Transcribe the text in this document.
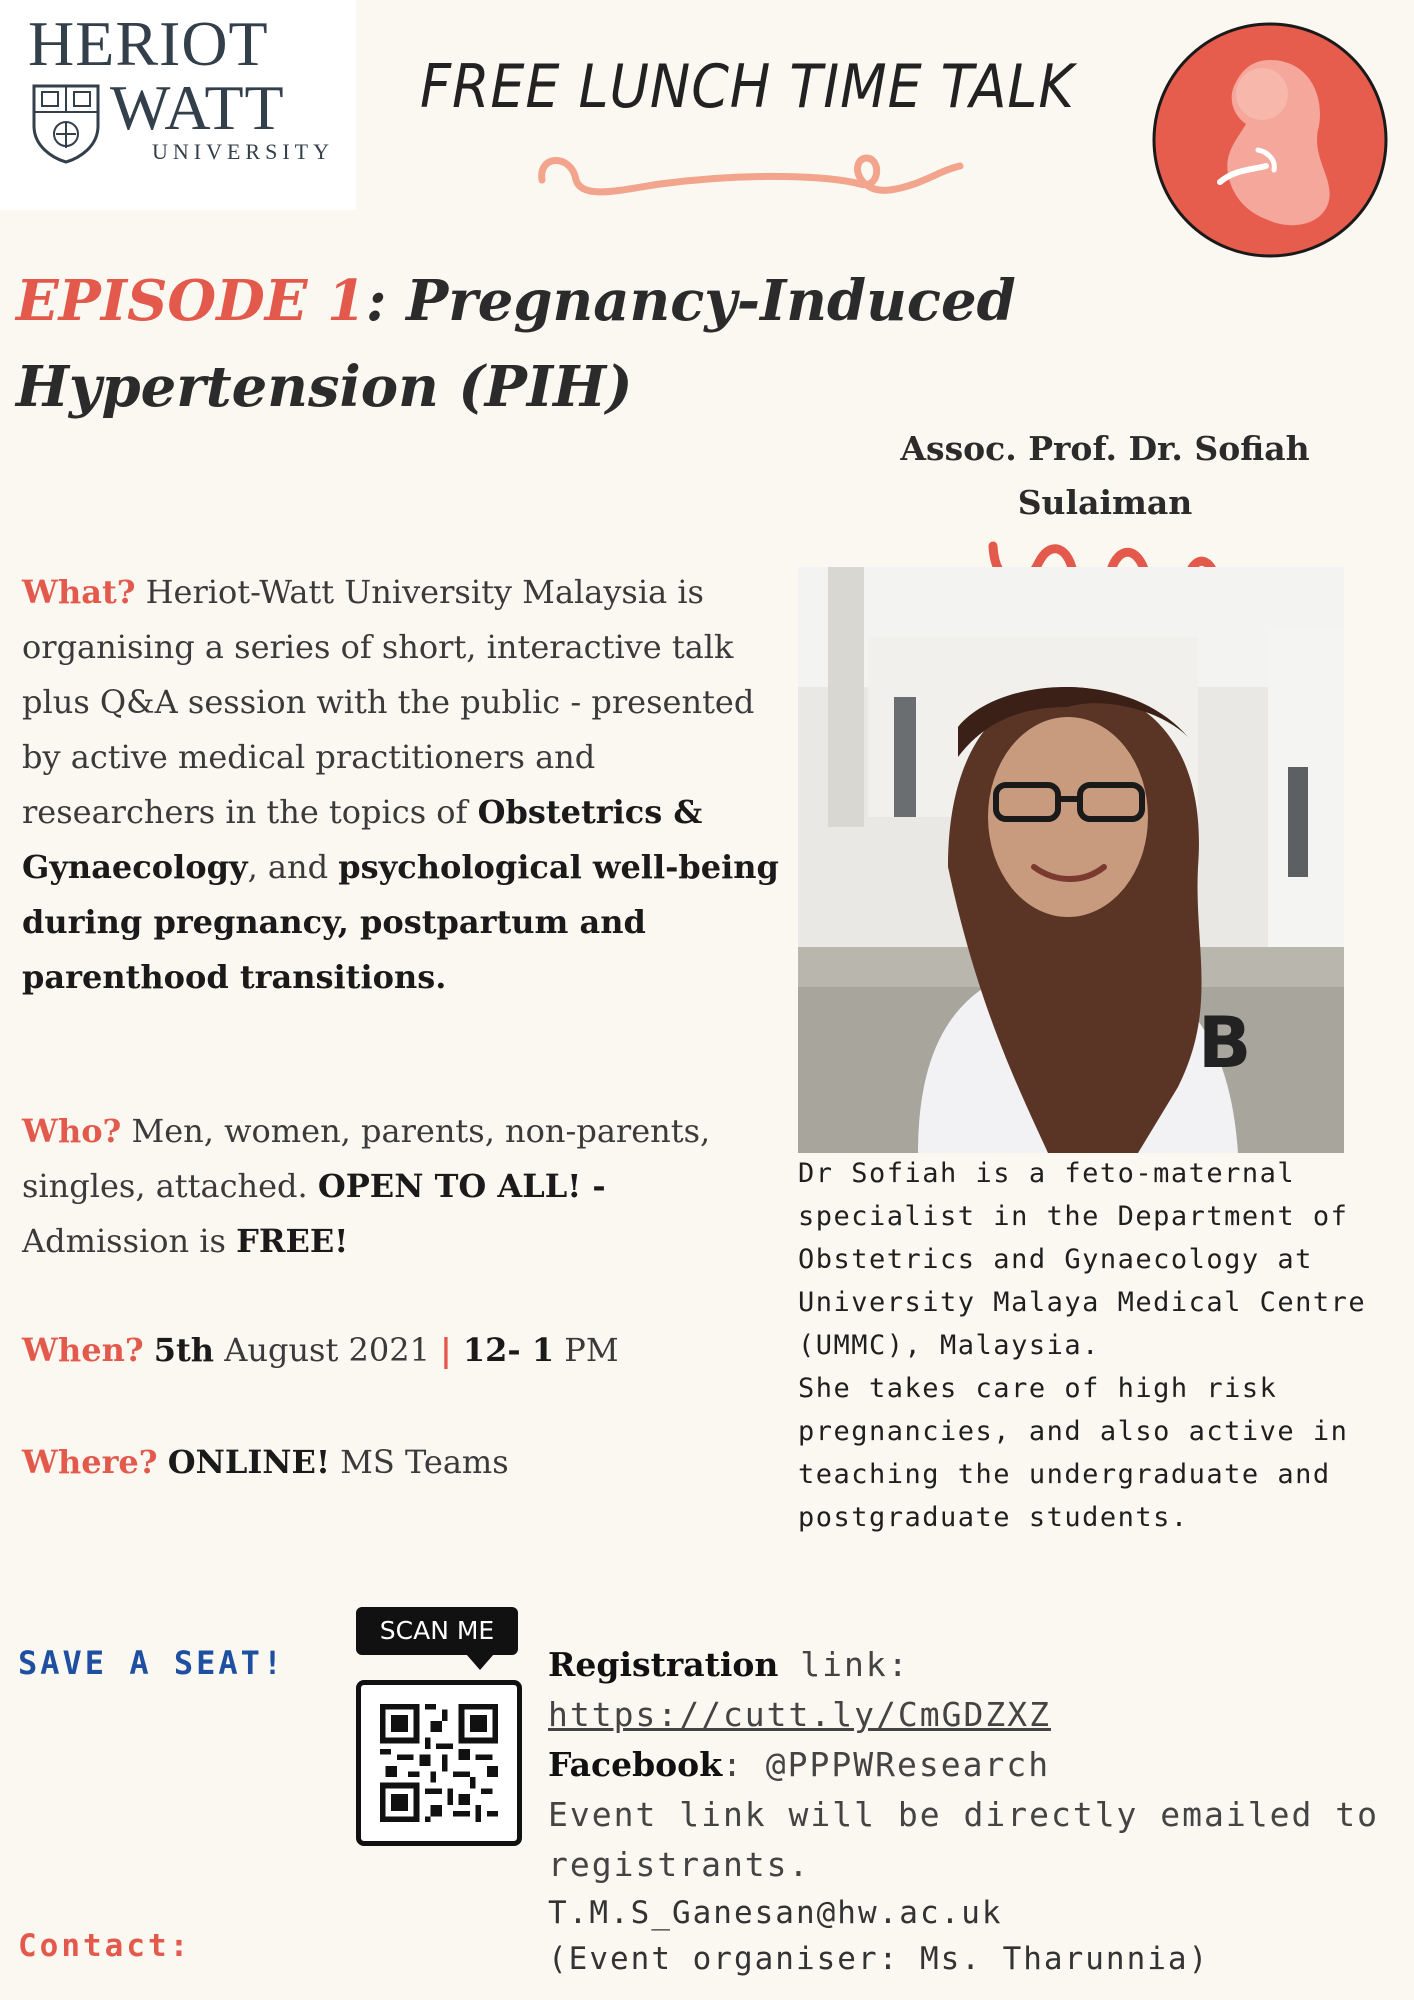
HERIOT
WATT
UNIVERSITY
FREE LUNCH TIME TALK
EPISODE 1: Pregnancy-Induced
Hypertension (PIH)
Assoc. Prof. Dr. Sofiah
Sulaiman
B
Dr Sofiah is a feto-maternal
specialist in the Department of
Obstetrics and Gynaecology at
University Malaya Medical Centre
(UMMC), Malaysia.
She takes care of high risk
pregnancies, and also active in
teaching the undergraduate and
postgraduate students.
What? Heriot-Watt University Malaysia is organising a series of short, interactive talk plus Q&A session with the public - presented by active medical practitioners and researchers in the topics of Obstetrics & Gynaecology, and psychological well-being during pregnancy, postpartum and parenthood transitions.
Who? Men, women, parents, non-parents, singles, attached. OPEN TO ALL! - Admission is FREE!
When? 5th August 2021 | 12- 1 PM
Where? ONLINE! MS Teams
SAVE A SEAT!
SCAN ME
Registration link: https://cutt.ly/CmGDZXZ
Facebook: @PPPWResearch
Event link will be directly emailed to registrants.
Contact:
T.M.S_Ganesan@hw.ac.uk
(Event organiser: Ms. Tharunnia)
